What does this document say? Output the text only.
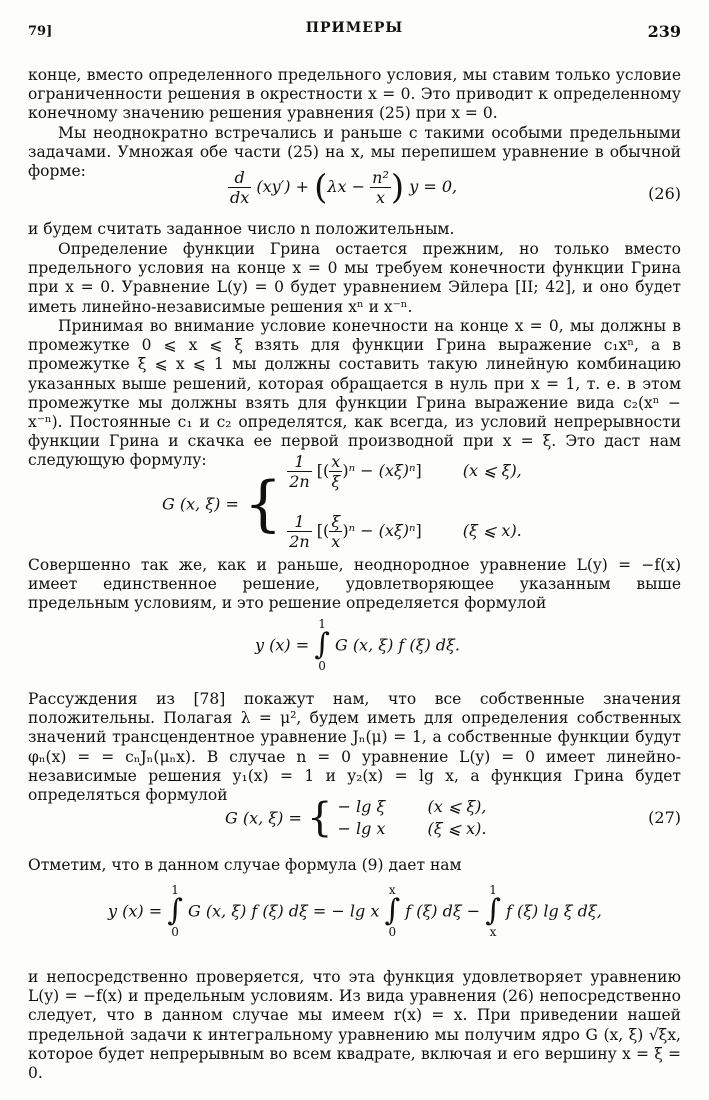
79]	ПРИМЕРЫ	239

конце, вместо определенного предельного условия, мы ставим только условие ограниченности решения в окрестности x = 0. Это приводит к определенному конечному значению решения уравнения (25) при x = 0.

Мы неоднократно встречались и раньше с такими особыми предельными задачами. Умножая обе части (25) на x, мы перепишем уравнение в обычной форме:	$\frac{d}{dx} (xy') + (\lambda x - \frac{\text{n²}}{x}$ ) y = 0,	(26)

и будем считать заданное число n положительным.

Определение функции Грина остается прежним, но только вместо предельного условия на конце x = 0 мы требуем конечности функции Грина при x = 0. Уравнение L(y) = 0 будет уравнением Эйлера [II; 42], и оно будет иметь линейно-независимые решения xⁿ и x⁻ⁿ.

Принимая во внимание условие конечности на конце x = 0, мы должны в промежутке 0 ⩽ x ⩽ ξ взять для функции Грина выражение c₁xⁿ, а в промежутке ξ ⩽ x ⩽ 1 мы должны составить такую линейную комбинацию указанных выше решений, которая обращается в нуль при x = 1, т. е. в этом промежутке мы должны взять для функции Грина выражение вида c₂(xⁿ − x⁻ⁿ). Постоянные c₁ и c₂ определятся, как всегда, из условий непрерывности функции Грина и скачка ее первой производной при x = ξ. Это даст нам следующую формулу:

G (x, ξ) = { $\frac{1}{2n}$ [( $\frac{x}{\xi} )^n - (x\xi)^n$]	(x ⩽ ξ),
$\frac{1}{2n}$ [( $\frac{\xi}{x} )^n - (x\xi)^n$]	(ξ ⩽ x).

Совершенно так же, как и раньше, неоднородное уравнение L(y) = −f(x) имеет единственное решение, удовлетворяющее указанным выше предельным условиям, и это решение определяется формулой

y (x) =
1
∫
0
G (x, ξ) f (ξ) dξ.

Рассуждения из [78] покажут нам, что все собственные значения положительны. Полагая λ = μ², будем иметь для определения собственных значений трансцендентное уравнение Jₙ(μ) = 1, а собственные функции будут φₙ(x) = = cₙJₙ(μₙx). В случае n = 0 уравнение L(y) = 0 имеет линейно-независимые решения y₁(x) = 1 и y₂(x) = lg x, а функция Грина будет определяться формулой

G (x, ξ) = { − lg ξ	(x ⩽ ξ),
− lg x	(ξ ⩽ x).
(27)

Отметим, что в данном случае формула (9) дает нам

y (x) =
1
∫
0
G (x, ξ) f (ξ) dξ = − lg x
x
∫
0
f (ξ) dξ −
1
∫
x
f (ξ) lg ξ dξ,

и непосредственно проверяется, что эта функция удовлетворяет уравнению L(y) = −f(x) и предельным условиям. Из вида уравнения (26) непосредственно следует, что в данном случае мы имеем r(x) = x. При приведении нашей предельной задачи к интегральному уравнению мы получим ядро G (x, ξ) √ξx, которое будет непрерывным во всем квадрате, включая и его вершину x = ξ = 0.
